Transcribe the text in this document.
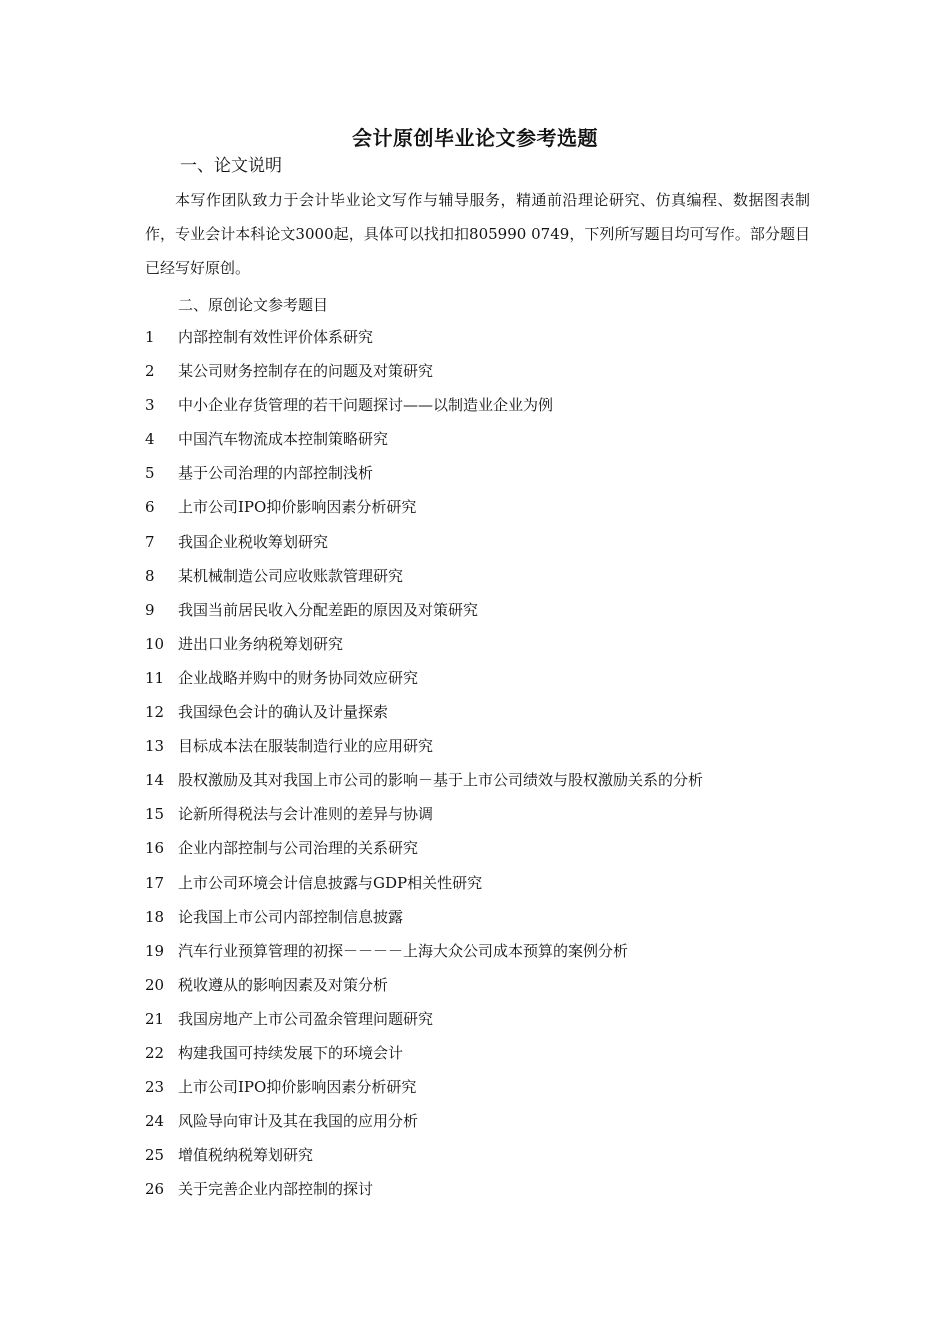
会计原创毕业论文参考选题
一、论文说明

本写作团队致力于会计毕业论文写作与辅导服务，精通前沿理论研究、仿真编程、数据图表制作，专业会计本科论文3000起，具体可以找扣扣805990 0749，下列所写题目均可写作。部分题目已经写好原创。

二、原创论文参考题目
1	内部控制有效性评价体系研究
2	某公司财务控制存在的问题及对策研究
3	中小企业存货管理的若干问题探讨——以制造业企业为例
4	中国汽车物流成本控制策略研究
5	基于公司治理的内部控制浅析
6	上市公司IPO抑价影响因素分析研究
7	我国企业税收筹划研究
8	某机械制造公司应收账款管理研究
9	我国当前居民收入分配差距的原因及对策研究
10 进出口业务纳税筹划研究
11 企业战略并购中的财务协同效应研究
12 我国绿色会计的确认及计量探索
13 目标成本法在服装制造行业的应用研究
14 股权激励及其对我国上市公司的影响－基于上市公司绩效与股权激励关系的分析
15 论新所得税法与会计准则的差异与协调
16 企业内部控制与公司治理的关系研究
17 上市公司环境会计信息披露与GDP相关性研究
18 论我国上市公司内部控制信息披露
19 汽车行业预算管理的初探－－－－上海大众公司成本预算的案例分析
20 税收遵从的影响因素及对策分析
21 我国房地产上市公司盈余管理问题研究
22 构建我国可持续发展下的环境会计
23 上市公司IPO抑价影响因素分析研究
24 风险导向审计及其在我国的应用分析
25 增值税纳税筹划研究
26 关于完善企业内部控制的探讨
